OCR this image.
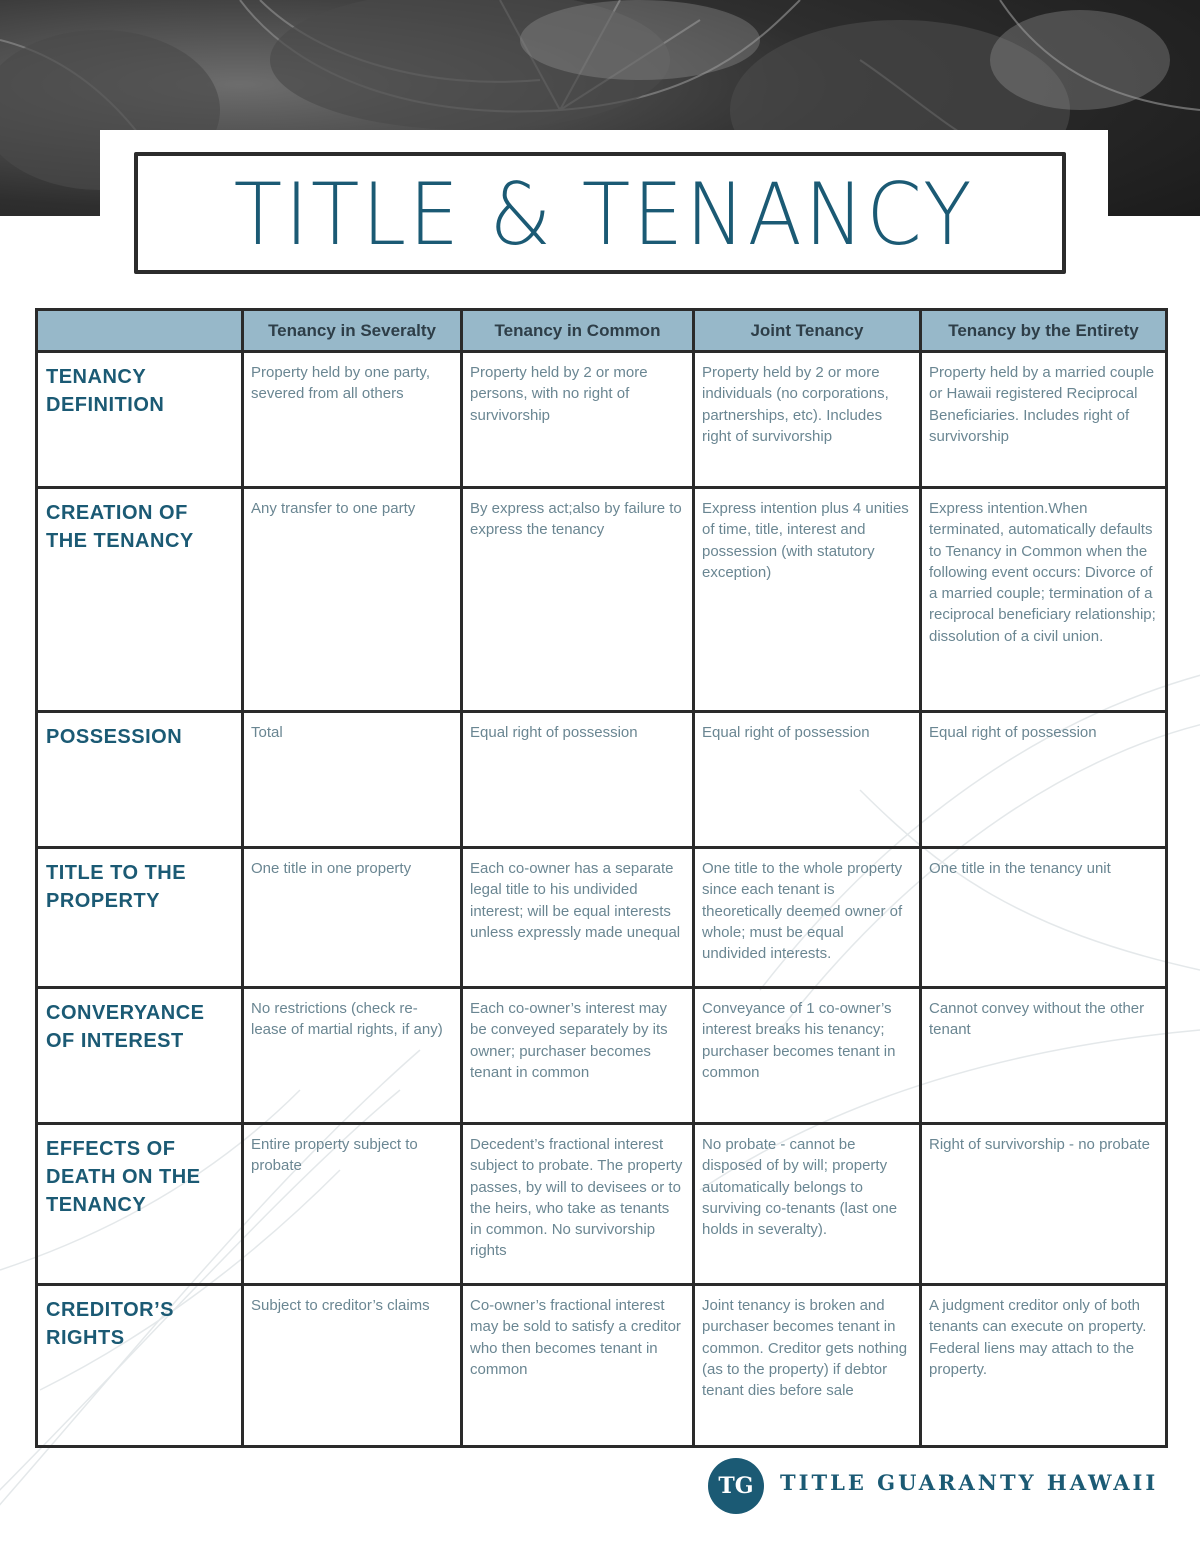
TITLE & TENANCY
	Tenancy in Severalty	Tenancy in Common	Joint Tenancy	Tenancy by the Entirety
TENANCY DEFINITION	Property held by one party, severed from all others	Property held by 2 or more persons, with no right of survivorship	Property held by 2 or more individuals (no corporations, partnerships, etc). Includes right of survivorship	Property held by a married couple or Hawaii registered Reciprocal Beneficiaries. Includes right of survivorship
CREATION OF THE TENANCY	Any transfer to one party	By express act;also by failure to express the tenancy	Express intention plus 4 unities of time, title, interest and possession (with statutory exception)	Express intention.When terminated, automatically defaults to Tenancy in Common when the following event occurs: Divorce of a married couple; termination of a reciprocal beneficiary relationship; dissolution of a civil union.
POSSESSION	Total	Equal right of possession	Equal right of possession	Equal right of possession
TITLE TO THE PROPERTY	One title in one property	Each co-owner has a separate legal title to his undivided interest; will be equal interests unless expressly made unequal	One title to the whole property since each tenant is theoretically deemed owner of whole; must be equal undivided interests.	One title in the tenancy unit
CONVERYANCE OF INTEREST	No restrictions (check re-lease of martial rights, if any)	Each co-owner’s interest may be conveyed separately by its owner; purchaser becomes tenant in common	Conveyance of 1 co-owner’s interest breaks his tenancy; purchaser becomes tenant in common	Cannot convey without the other tenant
EFFECTS OF DEATH ON THE TENANCY	Entire property subject to probate	Decedent’s fractional interest subject to probate. The property passes, by will to devisees or to the heirs, who take as tenants in common. No survivorship rights	No probate - cannot be disposed of by will; property automatically belongs to surviving co-tenants (last one holds in severalty).	Right of survivorship - no probate
CREDITOR’S RIGHTS	Subject to creditor’s claims	Co-owner’s fractional interest may be sold to satisfy a creditor who then becomes tenant in common	Joint tenancy is broken and purchaser becomes tenant in common. Creditor gets nothing (as to the property) if debtor tenant dies before sale	A judgment creditor only of both tenants can execute on property. Federal liens may attach to the property.
TG	TITLE GUARANTY HAWAII
